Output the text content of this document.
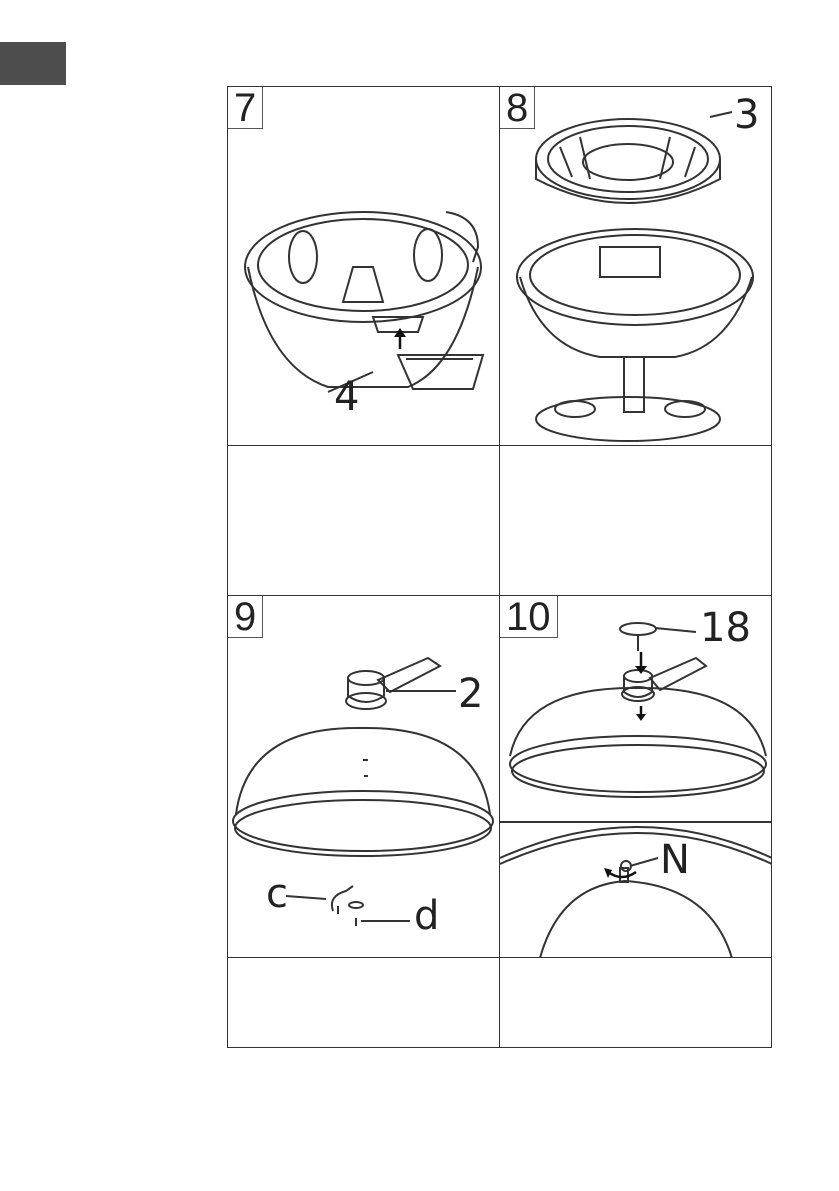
7
4
8	3
9
2
c	d
10	18
N
